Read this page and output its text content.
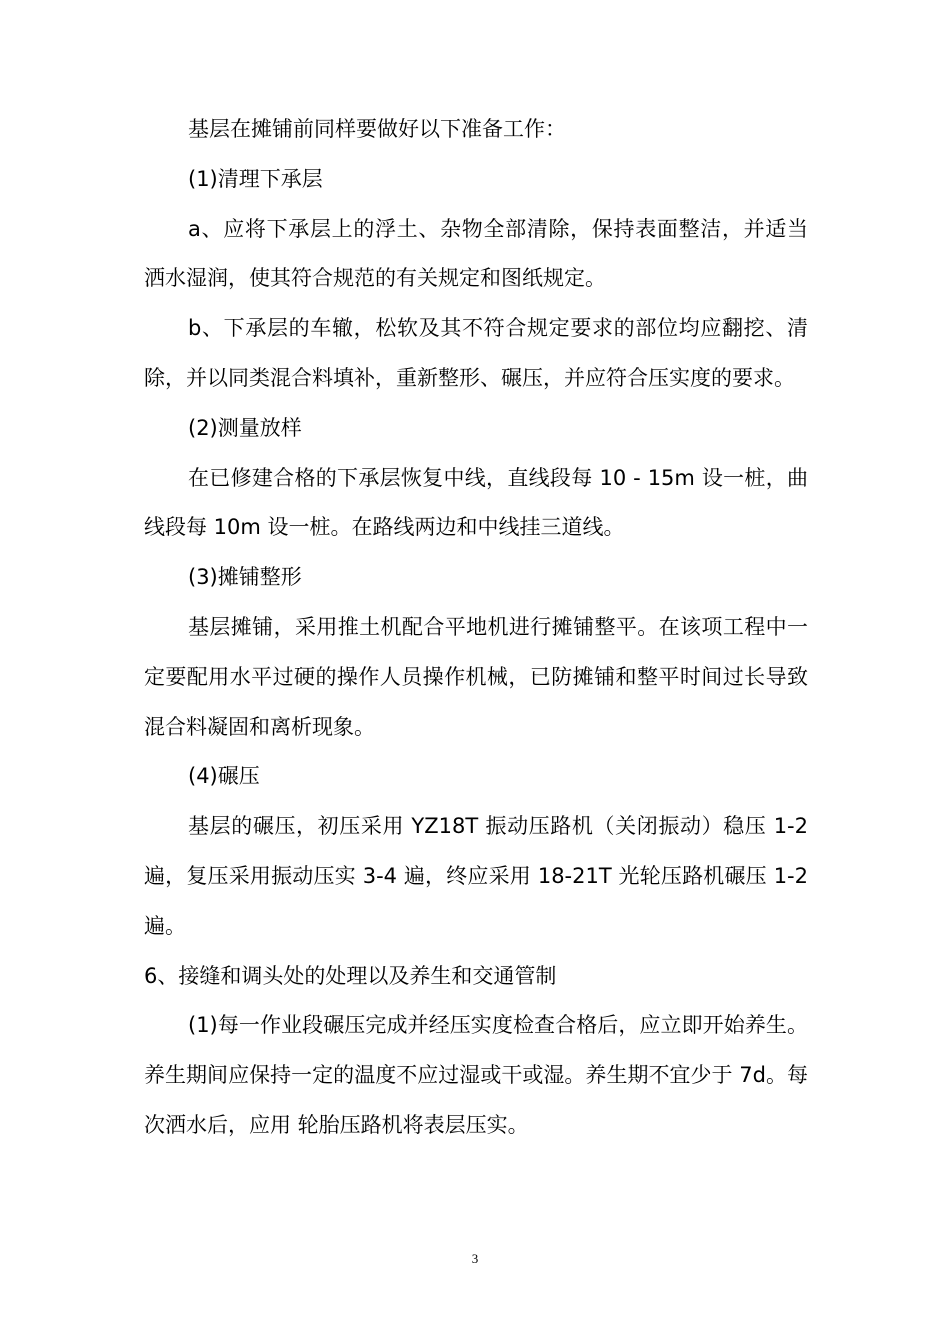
基层在摊铺前同样要做好以下准备工作：

(1)清理下承层

a、应将下承层上的浮土、杂物全部清除，保持表面整洁，并适当洒水湿润，使其符合规范的有关规定和图纸规定。

b、下承层的车辙，松软及其不符合规定要求的部位均应翻挖、清除，并以同类混合料填补，重新整形、碾压，并应符合压实度的要求。

(2)测量放样

在已修建合格的下承层恢复中线，直线段每 10 - 15m 设一桩，曲线段每 10m 设一桩。在路线两边和中线挂三道线。

(3)摊铺整形

基层摊铺，采用推土机配合平地机进行摊铺整平。在该项工程中一定要配用水平过硬的操作人员操作机械，已防摊铺和整平时间过长导致混合料凝固和离析现象。

(4)碾压

基层的碾压，初压采用 YZ18T 振动压路机（关闭振动）稳压 1-2 遍，复压采用振动压实 3-4 遍，终应采用 18-21T 光轮压路机碾压 1-2 遍。

6、接缝和调头处的处理以及养生和交通管制

(1)每一作业段碾压完成并经压实度检查合格后，应立即开始养生。养生期间应保持一定的温度不应过湿或干或湿。养生期不宜少于 7d。每次洒水后，应用 轮胎压路机将表层压实。

3
